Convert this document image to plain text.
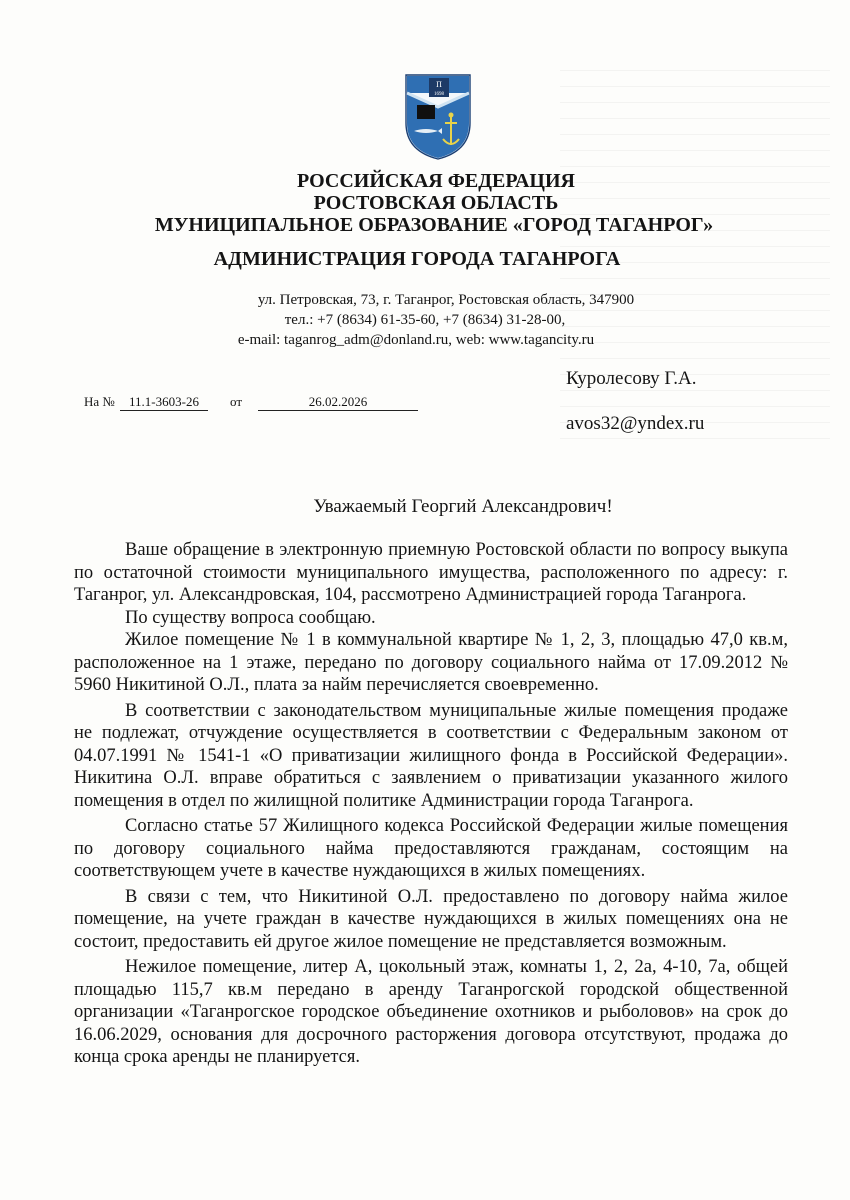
П
1698
РОССИЙСКАЯ ФЕДЕРАЦИЯ
РОСТОВСКАЯ ОБЛАСТЬ
МУНИЦИПАЛЬНОЕ ОБРАЗОВАНИЕ «ГОРОД ТАГАНРОГ»
АДМИНИСТРАЦИЯ ГОРОДА ТАГАНРОГА
ул. Петровская, 73, г. Таганрог, Ростовская область, 347900
тел.: +7 (8634) 61-35-60, +7 (8634) 31-28-00,
e-mail: taganrog_adm@donland.ru, web: www.tagancity.ru
Куролесову Г.А.
avos32@yndex.ru
На №	11.1-3603-26	от	26.02.2026
Уважаемый Георгий Александрович!

Ваше обращение в электронную приемную Ростовской области по вопросу выкупа по остаточной стоимости муниципального имущества, расположенного по адресу: г. Таганрог, ул. Александровская, 104, рассмотрено Администрацией города Таганрога.

По существу вопроса сообщаю.

Жилое помещение № 1 в коммунальной квартире № 1, 2, 3, площадью 47,0 кв.м, расположенное на 1 этаже, передано по договору социального найма от 17.09.2012 № 5960 Никитиной О.Л., плата за найм перечисляется своевременно.

В соответствии с законодательством муниципальные жилые помещения продаже не подлежат, отчуждение осуществляется в соответствии с Федеральным законом от 04.07.1991 № 1541-1 «О приватизации жилищного фонда в Российской Федерации». Никитина О.Л. вправе обратиться с заявлением о приватизации указанного жилого помещения в отдел по жилищной политике Администрации города Таганрога.

Согласно статье 57 Жилищного кодекса Российской Федерации жилые помещения по договору социального найма предоставляются гражданам, состоящим на соответствующем учете в качестве нуждающихся в жилых помещениях.

В связи с тем, что Никитиной О.Л. предоставлено по договору найма жилое помещение, на учете граждан в качестве нуждающихся в жилых помещениях она не состоит, предоставить ей другое жилое помещение не представляется возможным.

Нежилое помещение, литер А, цокольный этаж, комнаты 1, 2, 2а, 4-10, 7а, общей площадью 115,7 кв.м передано в аренду Таганрогской городской общественной организации «Таганрогское городское объединение охотников и рыболовов» на срок до 16.06.2029, основания для досрочного расторжения договора отсутствуют, продажа до конца срока аренды не планируется.
